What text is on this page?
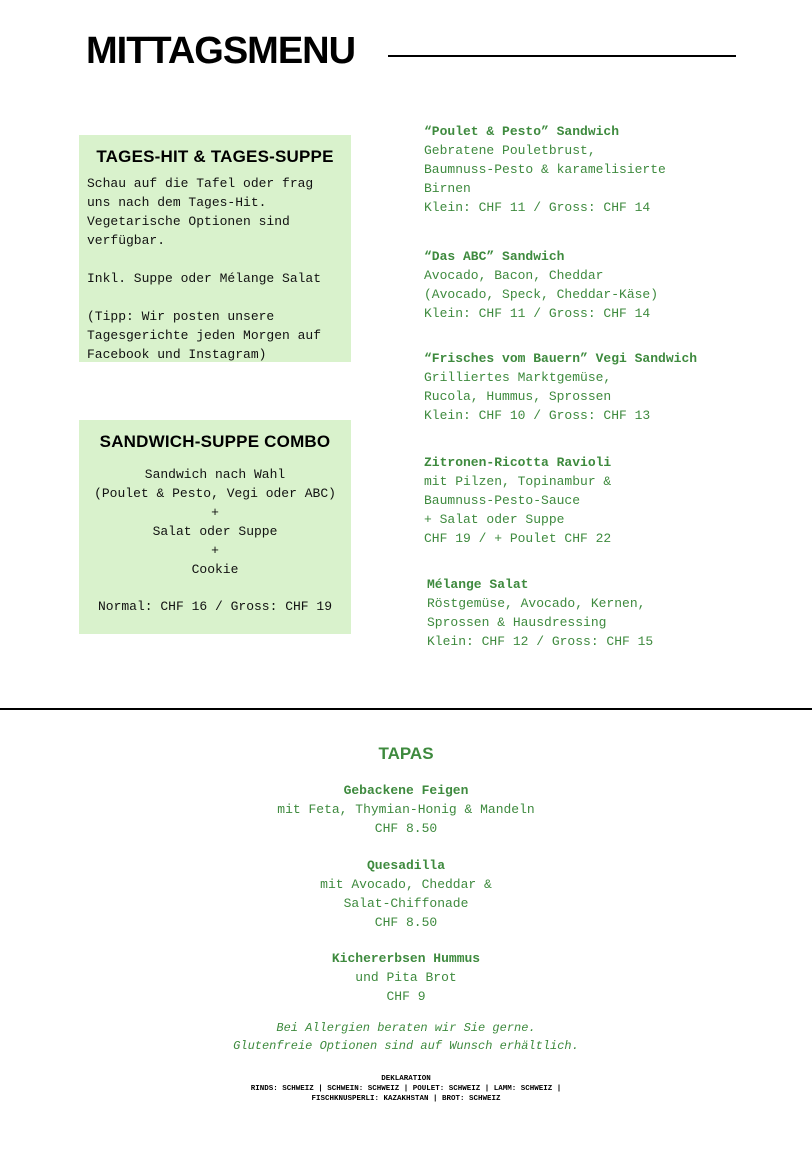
MITTAGSMENU
TAGES-HIT & TAGES-SUPPE

Schau auf die Tafel oder frag uns nach dem Tages-Hit. Vegetarische Optionen sind verfügbar.

Inkl. Suppe oder Mélange Salat

(Tipp: Wir posten unsere Tagesgerichte jeden Morgen auf Facebook und Instagram)

SANDWICH-SUPPE COMBO
Sandwich nach Wahl
(Poulet & Pesto, Vegi oder ABC)
+
Salat oder Suppe
+
Cookie
Normal: CHF 16 / Gross: CHF 19
“Poulet & Pesto” Sandwich
Gebratene Pouletbrust,
Baumnuss-Pesto & karamelisierte
Birnen
Klein: CHF 11 / Gross: CHF 14
“Das ABC” Sandwich
Avocado, Bacon, Cheddar
(Avocado, Speck, Cheddar-Käse)
Klein: CHF 11 / Gross: CHF 14
“Frisches vom Bauern” Vegi Sandwich
Grilliertes Marktgemüse,
Rucola, Hummus, Sprossen
Klein: CHF 10 / Gross: CHF 13
Zitronen-Ricotta Ravioli
mit Pilzen, Topinambur &
Baumnuss-Pesto-Sauce
+ Salat oder Suppe
CHF 19 / + Poulet CHF 22
Mélange Salat
Röstgemüse, Avocado, Kernen,
Sprossen & Hausdressing
Klein: CHF 12 / Gross: CHF 15
TAPAS
Gebackene Feigen
mit Feta, Thymian-Honig & Mandeln
CHF 8.50
Quesadilla
mit Avocado, Cheddar &
Salat-Chiffonade
CHF 8.50
Kichererbsen Hummus
und Pita Brot
CHF 9
Bei Allergien beraten wir Sie gerne.
Glutenfreie Optionen sind auf Wunsch erhältlich.
DEKLARATION
RINDS: SCHWEIZ | SCHWEIN: SCHWEIZ | POULET: SCHWEIZ | LAMM: SCHWEIZ |
FISCHKNUSPERLI: KAZAKHSTAN | BROT: SCHWEIZ
